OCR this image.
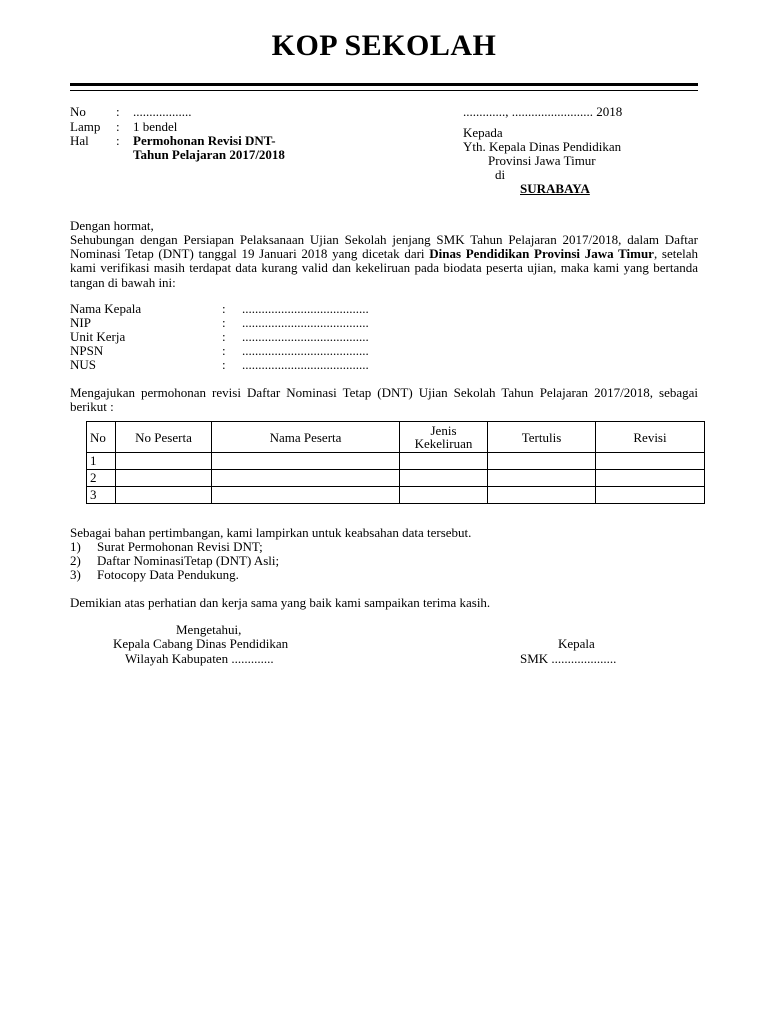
KOP SEKOLAH
No : ..................
Lamp : 1 bendel
Hal : Permohonan Revisi DNT-
Tahun Pelajaran 2017/2018
............., ......................... 2018
Kepada
Yth. Kepala Dinas Pendidikan
Provinsi Jawa Timur
di
SURABAYA
Dengan hormat,
Sehubungan dengan Persiapan Pelaksanaan Ujian Sekolah jenjang SMK Tahun Pelajaran 2017/2018, dalam Daftar Nominasi Tetap (DNT) tanggal 19 Januari 2018 yang dicetak dari Dinas Pendidikan Provinsi Jawa Timur, setelah kami verifikasi masih terdapat data kurang valid dan kekeliruan pada biodata peserta ujian, maka kami yang bertanda tangan di bawah ini:
Nama Kepala	: .......................................
NIP	: .......................................
Unit Kerja	: .......................................
NPSN	: .......................................
NUS	: .......................................
Mengajukan permohonan revisi Daftar Nominasi Tetap (DNT) Ujian Sekolah Tahun Pelajaran 2017/2018, sebagai berikut :
No	No Peserta	Nama Peserta	Jenis Kekeliruan	Tertulis	Revisi
1					
2					
3					
Sebagai bahan pertimbangan, kami lampirkan untuk keabsahan data tersebut.
1) Surat Permohonan Revisi DNT;
2) Daftar NominasiTetap (DNT) Asli;
3) Fotocopy Data Pendukung.
Demikian atas perhatian dan kerja sama yang baik kami sampaikan terima kasih.
Mengetahui,
Kepala Cabang Dinas Pendidikan
Wilayah Kabupaten .............
Kepala
SMK ....................
